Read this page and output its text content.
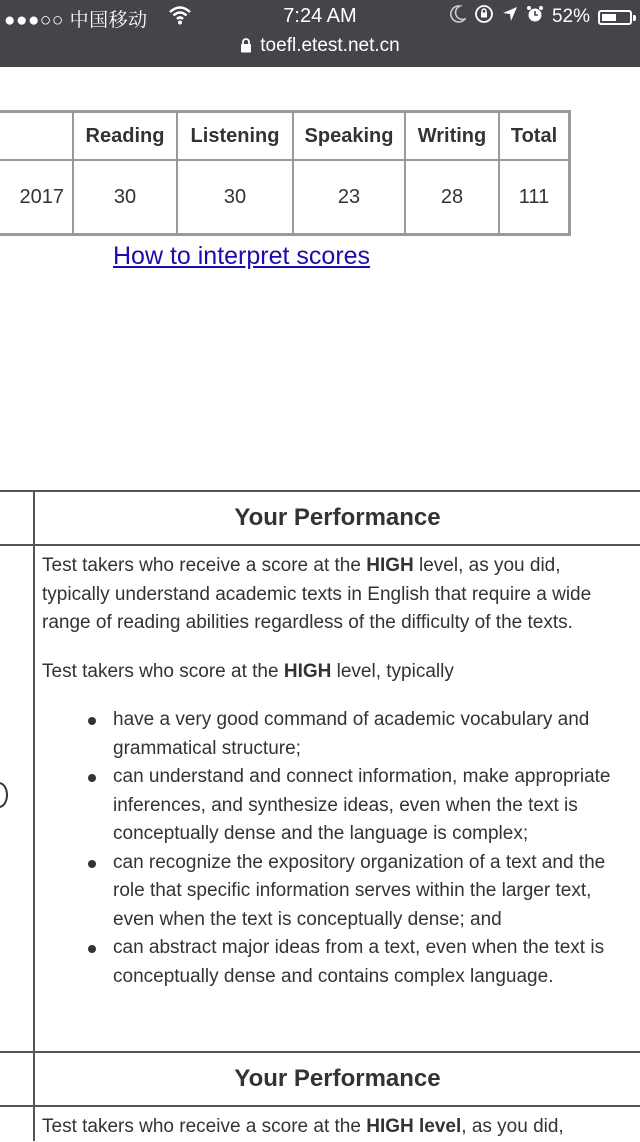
●●●○○ 中国移动	7:24 AM	52%
toefl.etest.net.cn
	Reading	Listening	Speaking	Writing	Total
2017	30	30	23	28	111
How to interpret scores
Your Performance

Test takers who receive a score at the HIGH level, as you did,
typically understand academic texts in English that require a wide
range of reading abilities regardless of the difficulty of the texts.

Test takers who score at the HIGH level, typically

have a very good command of academic vocabulary and
grammatical structure;
can understand and connect information, make appropriate
inferences, and synthesize ideas, even when the text is
conceptually dense and the language is complex;
can recognize the expository organization of a text and the
role that specific information serves within the larger text,
even when the text is conceptually dense; and
can abstract major ideas from a text, even when the text is
conceptually dense and contains complex language.
Your Performance

Test takers who receive a score at the HIGH level, as you did,
